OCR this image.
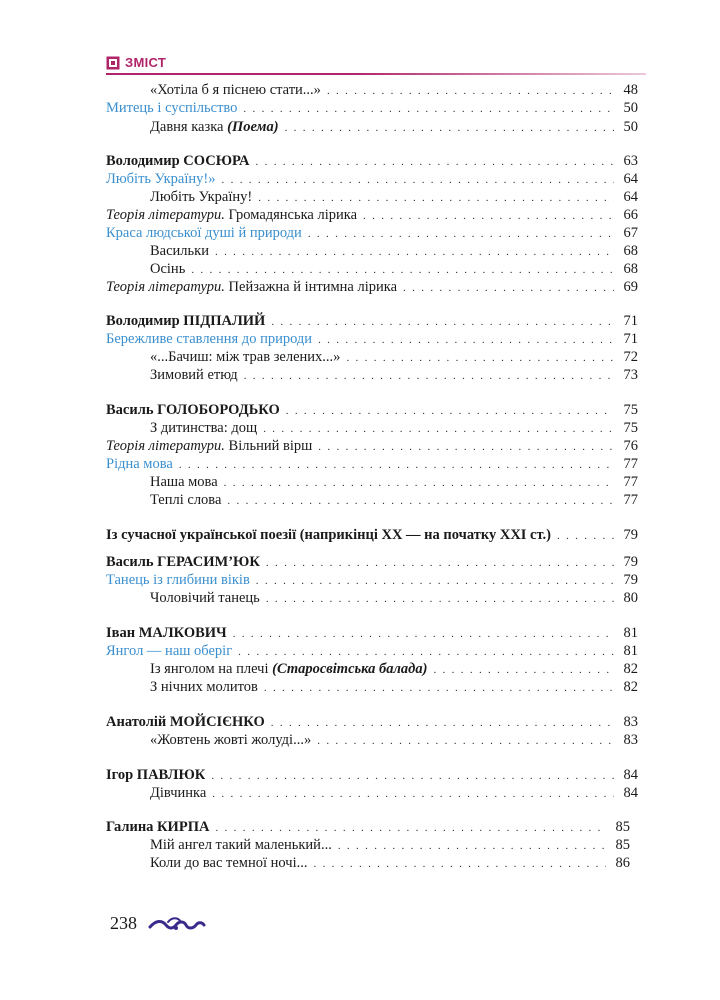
ЗМІСТ
«Хотіла б я піснею стати...» . . .	48
Митець і суспільство . . .	50
Давня казка (Поема) . . .	50
Володимир СОСЮРА . . .	63
Любіть Україну!» . . .	64
Любіть Україну! . . .	64
Теорія літератури. Громадянська лірика . . .	66
Краса людської душі й природи . . .	67
Васильки . . .	68
Осінь . . .	68
Теорія літератури. Пейзажна й інтимна лірика . . .	69
Володимир ПІДПАЛИЙ . . .	71
Бережливе ставлення до природи . . .	71
«...Бачиш: між трав зелених...» . . .	72
Зимовий етюд . . .	73
Василь ГОЛОБОРОДЬКО . . .	75
З дитинства: дощ . . .	75
Теорія літератури. Вільний вірш . . .	76
Рідна мова . . .	77
Наша мова . . .	77
Теплі слова . . .	77
Із сучасної української поезії (наприкінці ХХ — на початку ХХІ ст.) . . .	79
Василь ГЕРАСИМ’ЮК . . .	79
Танець із глибини віків . . .	79
Чоловічий танець . . .	80
Іван МАЛКОВИЧ . . .	81
Янгол — наш оберіг . . .	81
Із янголом на плечі (Старосвітська балада) . . .	82
З нічних молитов . . .	82
Анатолій МОЙСІЄНКО . . .	83
«Жовтень жовті жолуді...» . . .	83
Ігор ПАВЛЮК . . .	84
Дівчинка . . .	84
Галина КИРПА . . .	85
Мій ангел такий маленький... . . .	85
Коли до вас темної ночі... . . .	86
238
